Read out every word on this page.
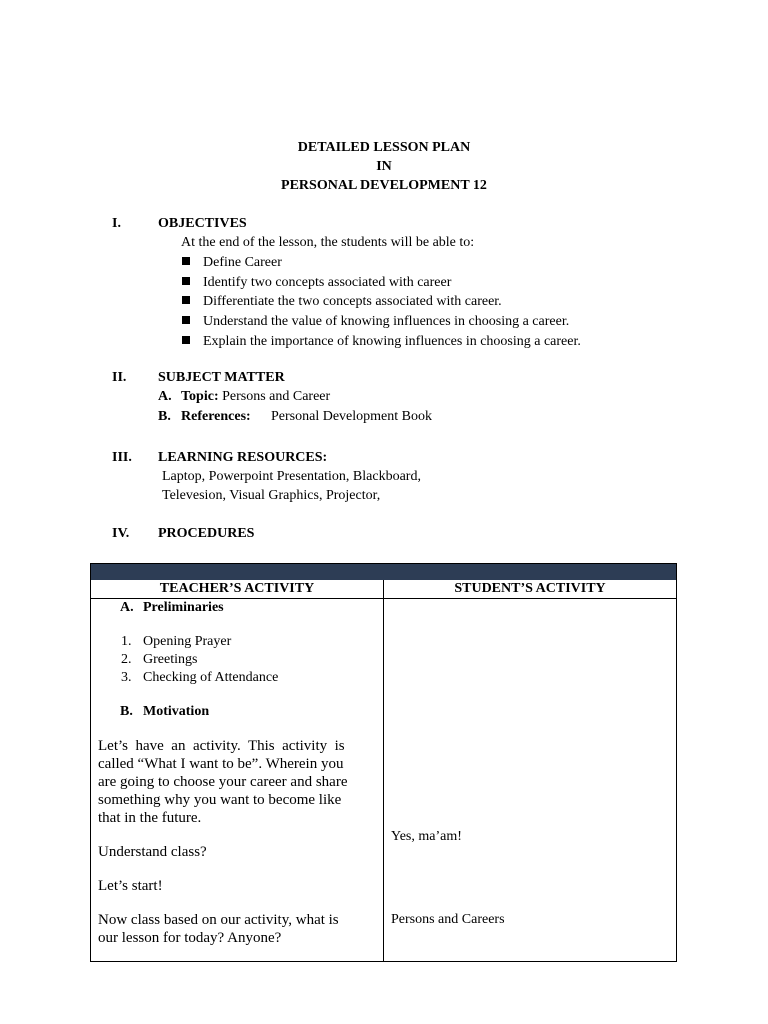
DETAILED LESSON PLAN
IN
PERSONAL DEVELOPMENT 12
I.	OBJECTIVES
At the end of the lesson, the students will be able to:
Define Career
Identify two concepts associated with career
Differentiate the two concepts associated with career.
Understand the value of knowing influences in choosing a career.
Explain the importance of knowing influences in choosing a career.
II. SUBJECT MATTER
A. Topic: Persons and Career
B. References: Personal Development Book
III. LEARNING RESOURCES:
Laptop, Powerpoint Presentation, Blackboard,
Televesion, Visual Graphics, Projector,
IV. PROCEDURES
TEACHER’S ACTIVITY	STUDENT’S ACTIVITY
A. Preliminaries
1. Opening Prayer
2. Greetings
3. Checking of Attendance
B. Motivation
Let’s  have  an  activity.  This  activity  is
called “What I want to be”. Wherein you
are going to choose your career and share
something why you want to become like
that in the future.
Understand class?
Let’s start!
Now class based on our activity, what is
our lesson for today? Anyone?
Yes, ma’am!
Persons and Careers
